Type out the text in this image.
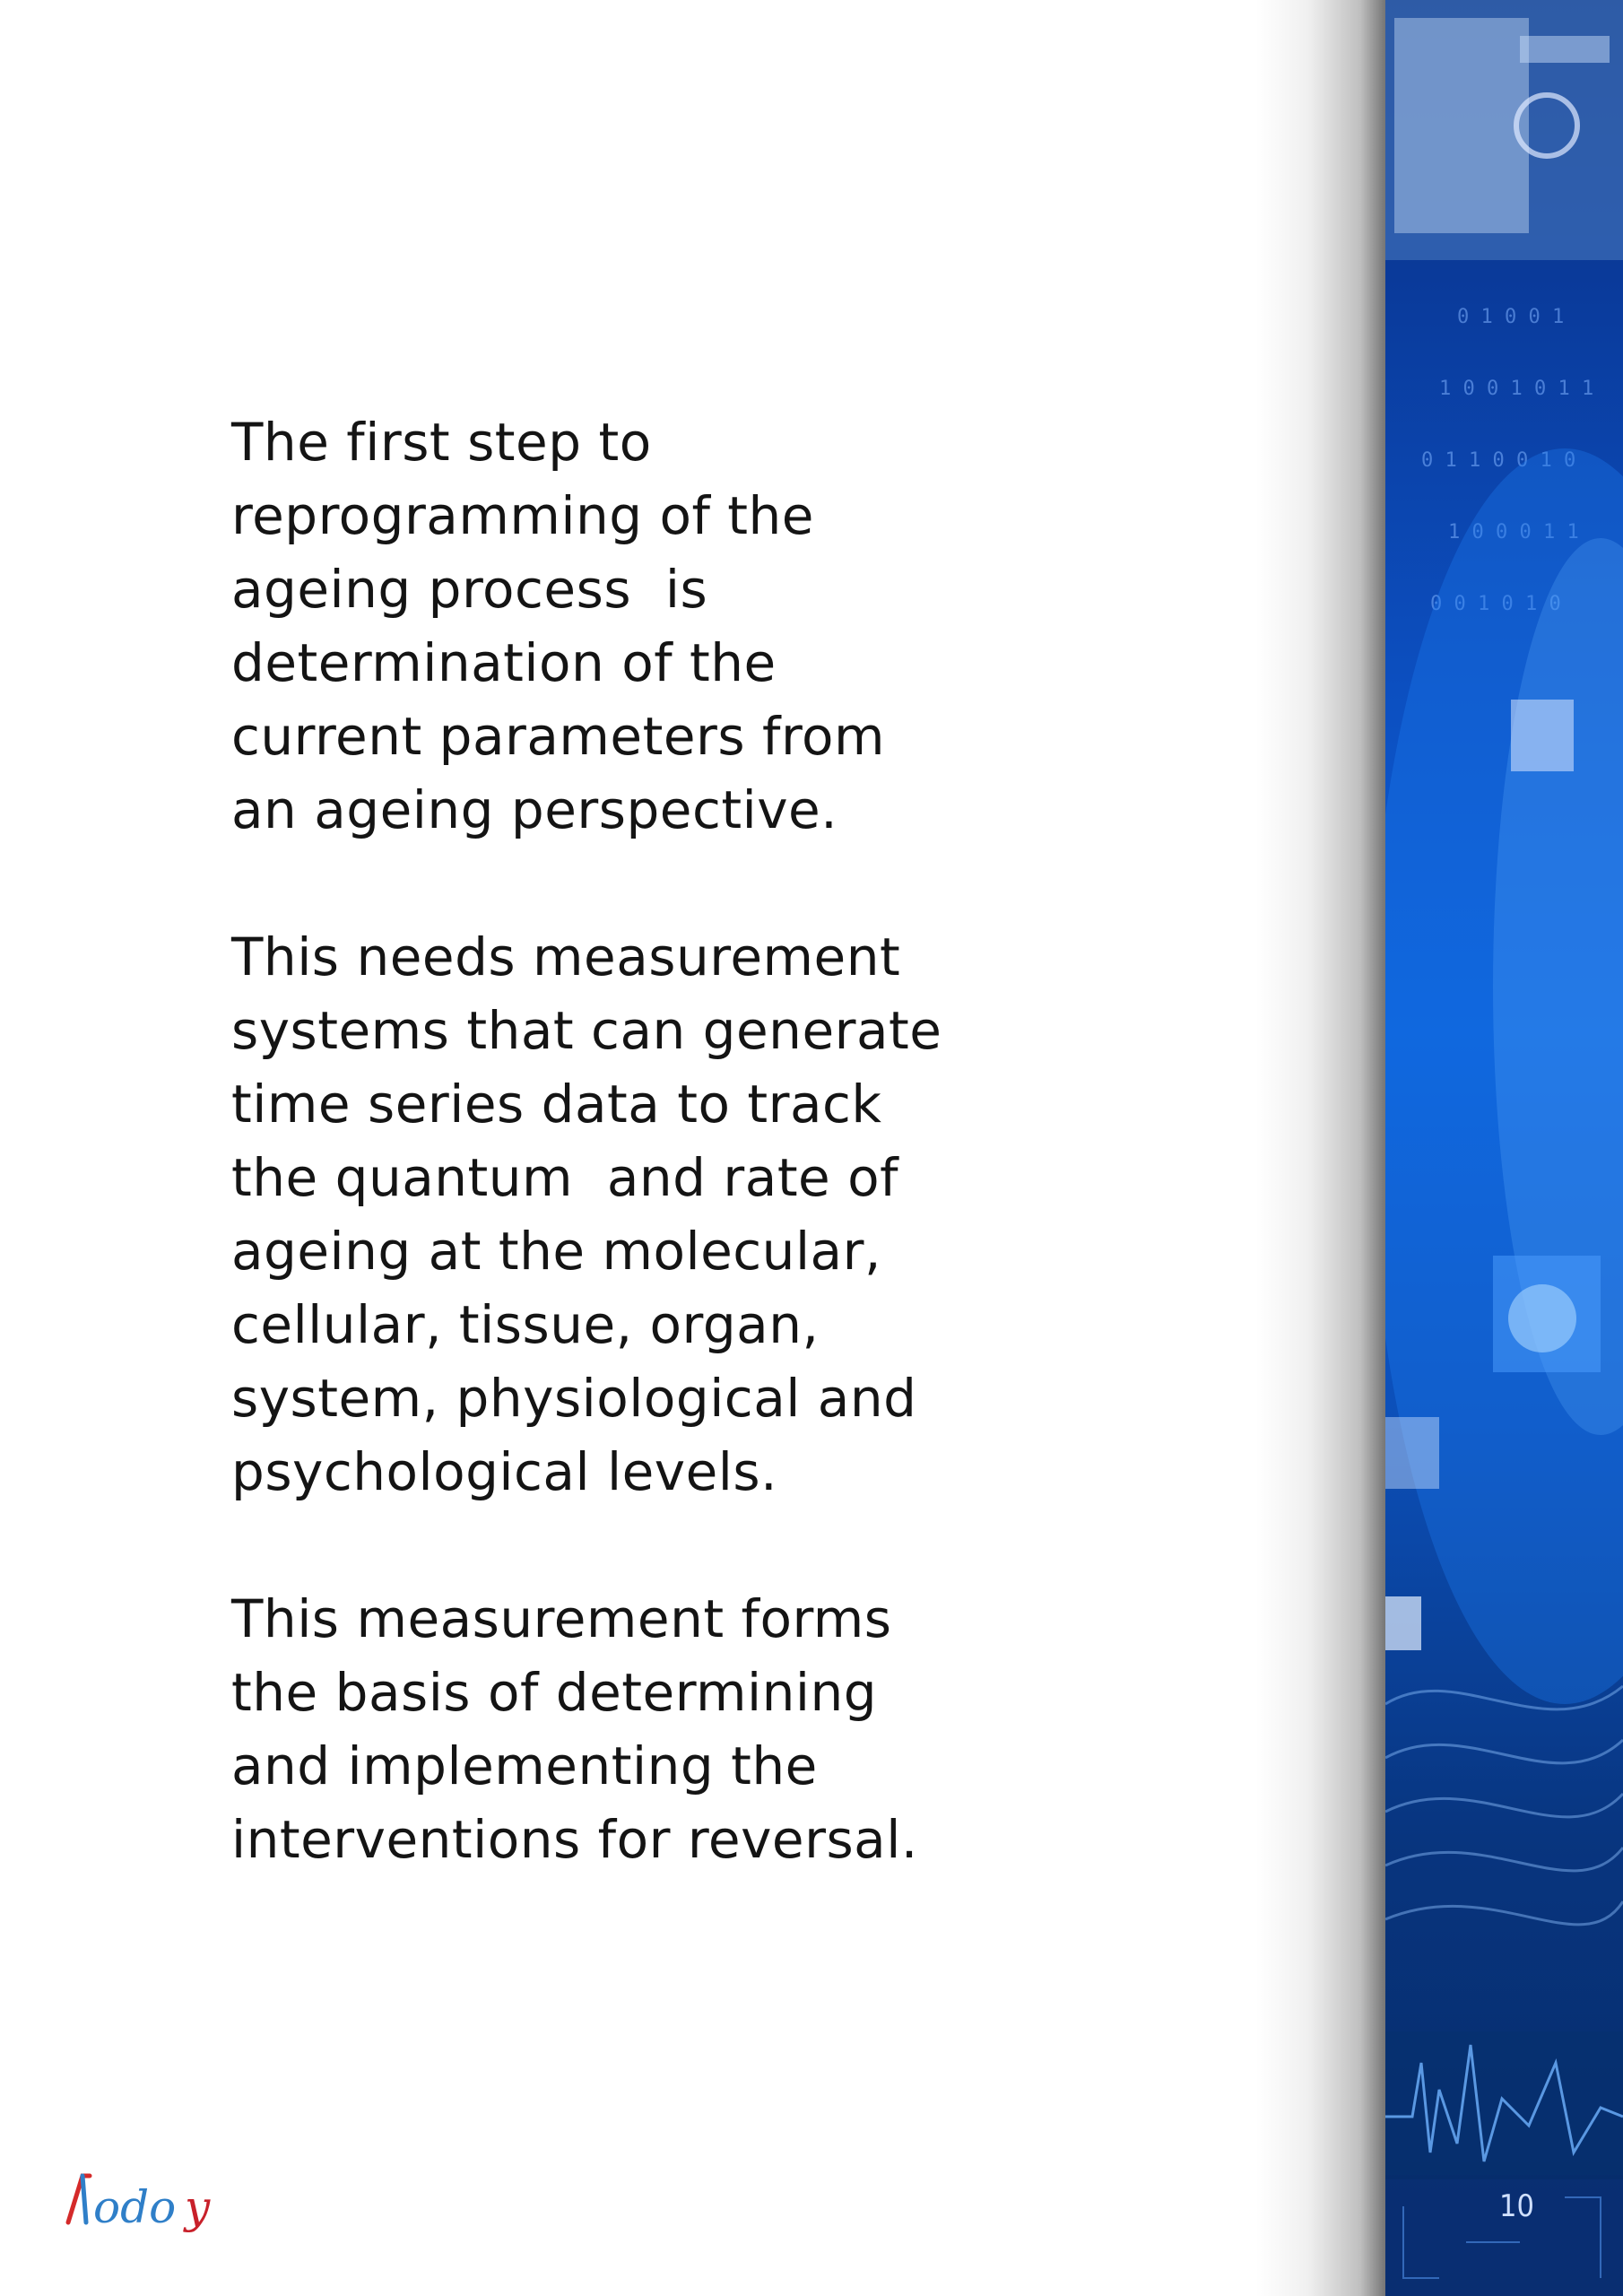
The first step to
reprogramming of the
ageing process  is
determination of the
current parameters from
an ageing perspective.

This needs measurement
systems that can generate
time series data to track
the quantum  and rate of
ageing at the molecular,
cellular, tissue, organ,
system, physiological and
psychological levels.

This measurement forms
the basis of determining
and implementing the
interventions for reversal.

0 1 0 0 1
1 0 0 1 0 1 1
0 1 1 0 0 1 0
1 0 0 0 1 1
0 0 1 0 1 0
10
odo y
